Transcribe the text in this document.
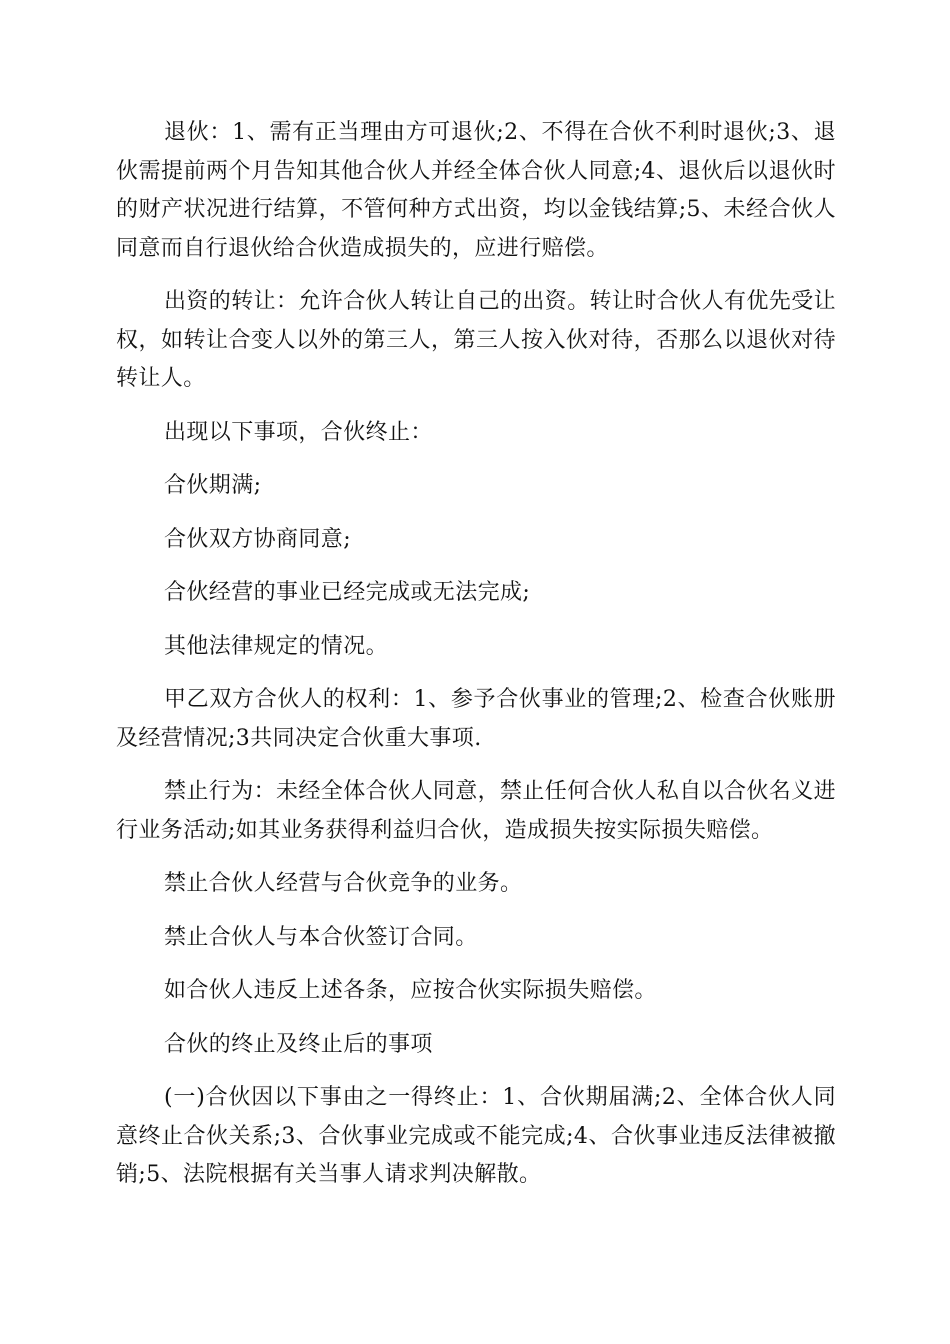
退伙：1、需有正当理由方可退伙;2、不得在合伙不利时退伙;3、退伙需提前两个月告知其他合伙人并经全体合伙人同意;4、退伙后以退伙时的财产状况进行结算，不管何种方式出资，均以金钱结算;5、未经合伙人同意而自行退伙给合伙造成损失的，应进行赔偿。

出资的转让：允许合伙人转让自己的出资。转让时合伙人有优先受让权，如转让合变人以外的第三人，第三人按入伙对待，否那么以退伙对待转让人。

出现以下事项，合伙终止：

合伙期满;

合伙双方协商同意;

合伙经营的事业已经完成或无法完成;

其他法律规定的情况。

甲乙双方合伙人的权利：1、参予合伙事业的管理;2、检查合伙账册及经营情况;3共同决定合伙重大事项.

禁止行为：未经全体合伙人同意，禁止任何合伙人私自以合伙名义进行业务活动;如其业务获得利益归合伙，造成损失按实际损失赔偿。

禁止合伙人经营与合伙竞争的业务。

禁止合伙人与本合伙签订合同。

如合伙人违反上述各条，应按合伙实际损失赔偿。

合伙的终止及终止后的事项

(一)合伙因以下事由之一得终止：1、合伙期届满;2、全体合伙人同意终止合伙关系;3、合伙事业完成或不能完成;4、合伙事业违反法律被撤销;5、法院根据有关当事人请求判决解散。
